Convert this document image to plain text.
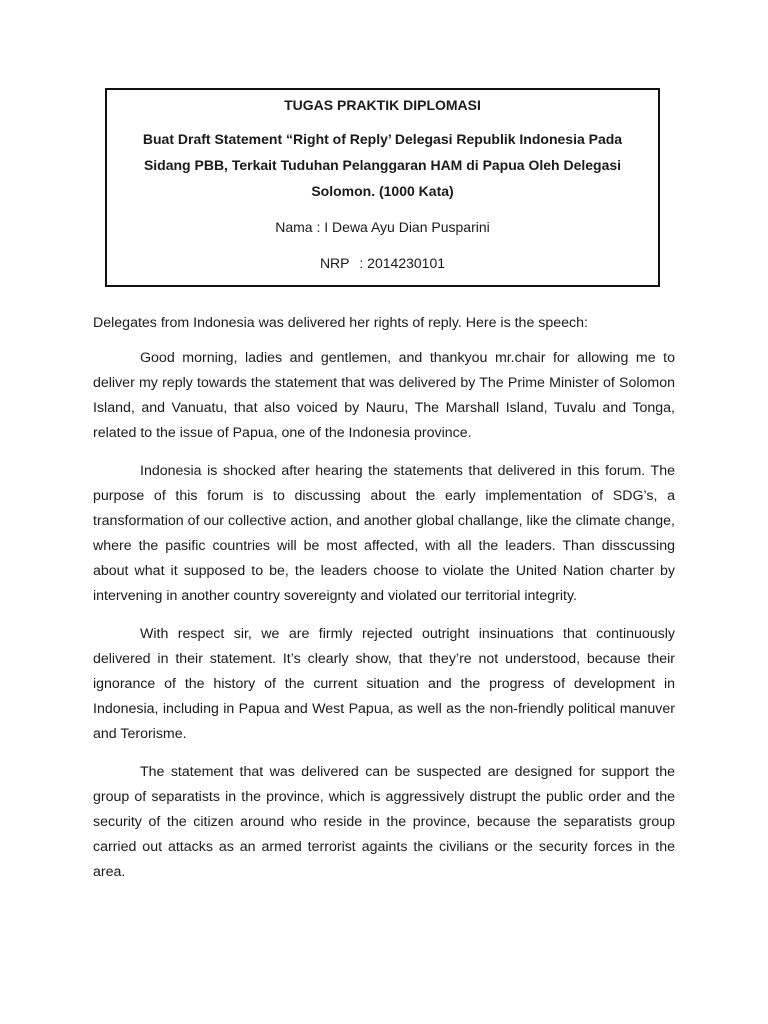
TUGAS PRAKTIK DIPLOMASI

Buat Draft Statement “Right of Reply’ Delegasi Republik Indonesia Pada Sidang PBB, Terkait Tuduhan Pelanggaran HAM di Papua Oleh Delegasi Solomon. (1000 Kata)

Nama : I Dewa Ayu Dian Pusparini

NRP : 2014230101

Delegates from Indonesia was delivered her rights of reply. Here is the speech:

Good morning, ladies and gentlemen, and thankyou mr.chair for allowing me to deliver my reply towards the statement that was delivered by The Prime Minister of Solomon Island, and Vanuatu, that also voiced by Nauru, The Marshall Island, Tuvalu and Tonga, related to the issue of Papua, one of the Indonesia province.

Indonesia is shocked after hearing the statements that delivered in this forum. The purpose of this forum is to discussing about the early implementation of SDG’s, a transformation of our collective action, and another global challange, like the climate change, where the pasific countries will be most affected, with all the leaders. Than disscussing about what it supposed to be, the leaders choose to violate the United Nation charter by intervening in another country sovereignty and violated our territorial integrity.

With respect sir, we are firmly rejected outright insinuations that continuously delivered in their statement. It’s clearly show, that they’re not understood, because their ignorance of the history of the current situation and the progress of development in Indonesia, including in Papua and West Papua, as well as the non-friendly political manuver and Terorisme.

The statement that was delivered can be suspected are designed for support the group of separatists in the province, which is aggressively distrupt the public order and the security of the citizen around who reside in the province, because the separatists group carried out attacks as an armed terrorist againts the civilians or the security forces in the area.
